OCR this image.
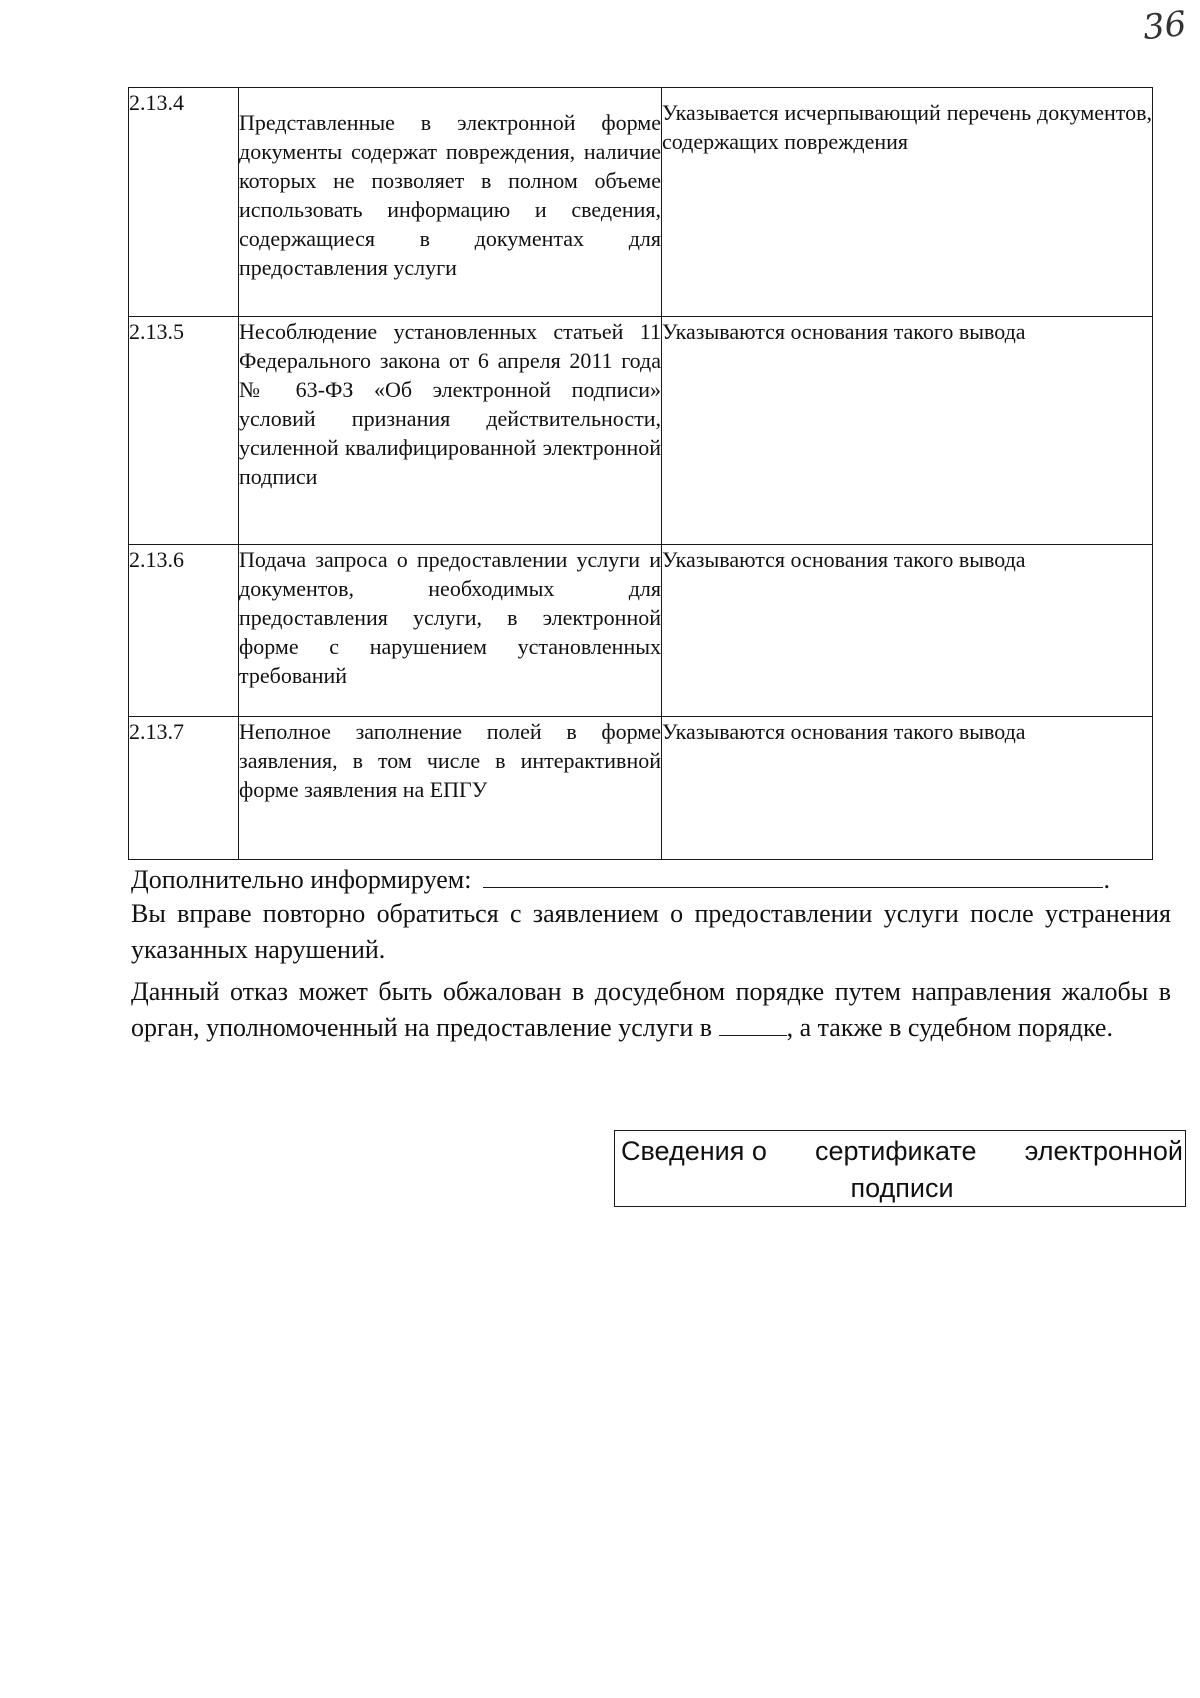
36
2.13.4	Представленные в электронной форме документы содержат повреждения, наличие которых не позволяет в полном объеме использовать информацию и сведения, содержащиеся в документах для предоставления услуги	Указывается исчерпывающий перечень документов, содержащих повреждения
2.13.5	Несоблюдение установленных статьей 11 Федерального закона от 6 апреля 2011 года № 63-ФЗ «Об электронной подписи» условий признания действительности, усиленной квалифицированной электронной подписи	Указываются основания такого вывода
2.13.6	Подача запроса о предоставлении услуги и документов, необходимых для предоставления услуги, в электронной форме с нарушением установленных требований	Указываются основания такого вывода
2.13.7	Неполное заполнение полей в форме заявления, в том числе в интерактивной форме заявления на ЕПГУ	Указываются основания такого вывода
Дополнительно информируем:	.
Вы вправе повторно обратиться с заявлением о предоставлении услуги после устранения указанных нарушений.
Данный отказ может быть обжалован в досудебном порядке путем направления жалобы в орган, уполномоченный на предоставление услуги в	, а также в судебном порядке.
Сведения о сертификате электронной
подписи
